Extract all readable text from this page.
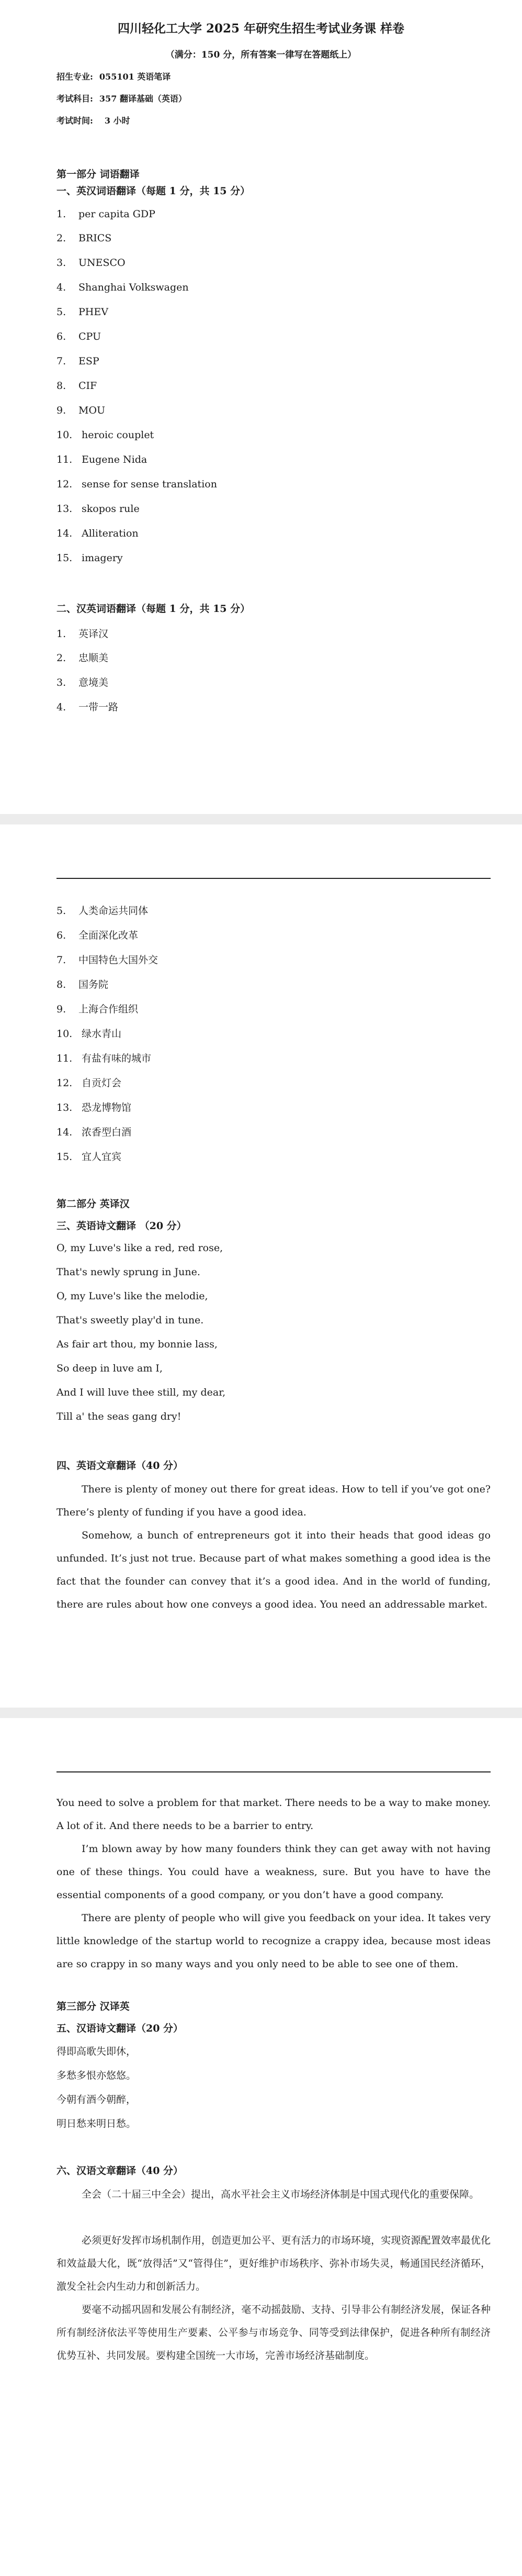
四川轻化工大学 2025 年研究生招生考试业务课 样卷
（满分：150 分，所有答案一律写在答题纸上）
招生专业: 055101 英语笔译
考试科目: 357 翻译基础（英语）
考试时间: 3 小时
第一部分 词语翻译
一、英汉词语翻译（每题 1 分，共 15 分）
1. per capita GDP
2. BRICS
3. UNESCO
4. Shanghai Volkswagen
5. PHEV
6. CPU
7. ESP
8. CIF
9. MOU
10. heroic couplet
11. Eugene Nida
12. sense for sense translation
13. skopos rule
14. Alliteration
15. imagery
二、汉英词语翻译（每题 1 分，共 15 分）
1. 英译汉
2. 忠顺美
3. 意境美
4. 一带一路
5. 人类命运共同体
6. 全面深化改革
7. 中国特色大国外交
8. 国务院
9. 上海合作组织
10. 绿水青山
11. 有盐有味的城市
12. 自贡灯会
13. 恐龙博物馆
14. 浓香型白酒
15. 宜人宜宾
第二部分 英译汉
三、英语诗文翻译 （20 分）
O, my Luve's like a red, red rose,
That's newly sprung in June.
O, my Luve's like the melodie,
That's sweetly play'd in tune.
As fair art thou, my bonnie lass,
So deep in luve am I,
And I will luve thee still, my dear,
Till a' the seas gang dry!
四、英语文章翻译（40 分）
There is plenty of money out there for great ideas. How to tell if you’ve got one? There’s plenty of funding if you have a good idea.
Somehow, a bunch of entrepreneurs got it into their heads that good ideas go unfunded. It’s just not true. Because part of what makes something a good idea is the fact that the founder can convey that it’s a good idea. And in the world of funding, there are rules about how one conveys a good idea. You need an addressable market.
You need to solve a problem for that market. There needs to be a way to make money. A lot of it. And there needs to be a barrier to entry.
I’m blown away by how many founders think they can get away with not having one of these things. You could have a weakness, sure. But you have to have the essential components of a good company, or you don’t have a good company.
There are plenty of people who will give you feedback on your idea. It takes very little knowledge of the startup world to recognize a crappy idea, because most ideas are so crappy in so many ways and you only need to be able to see one of them.
第三部分 汉译英
五、汉语诗文翻译（20 分）
得即高歌失即休，
多愁多恨亦悠悠。
今朝有酒今朝醉，
明日愁来明日愁。
六、汉语文章翻译（40 分）
全会（二十届三中全会）提出，高水平社会主义市场经济体制是中国式现代化的重要保障。
必须更好发挥市场机制作用，创造更加公平、更有活力的市场环境，实现资源配置效率最优化和效益最大化，既“放得活”又“管得住”，更好维护市场秩序、弥补市场失灵，畅通国民经济循环，激发全社会内生动力和创新活力。
要毫不动摇巩固和发展公有制经济，毫不动摇鼓励、支持、引导非公有制经济发展，保证各种所有制经济依法平等使用生产要素、公平参与市场竞争、同等受到法律保护，促进各种所有制经济优势互补、共同发展。要构建全国统一大市场，完善市场经济基础制度。
